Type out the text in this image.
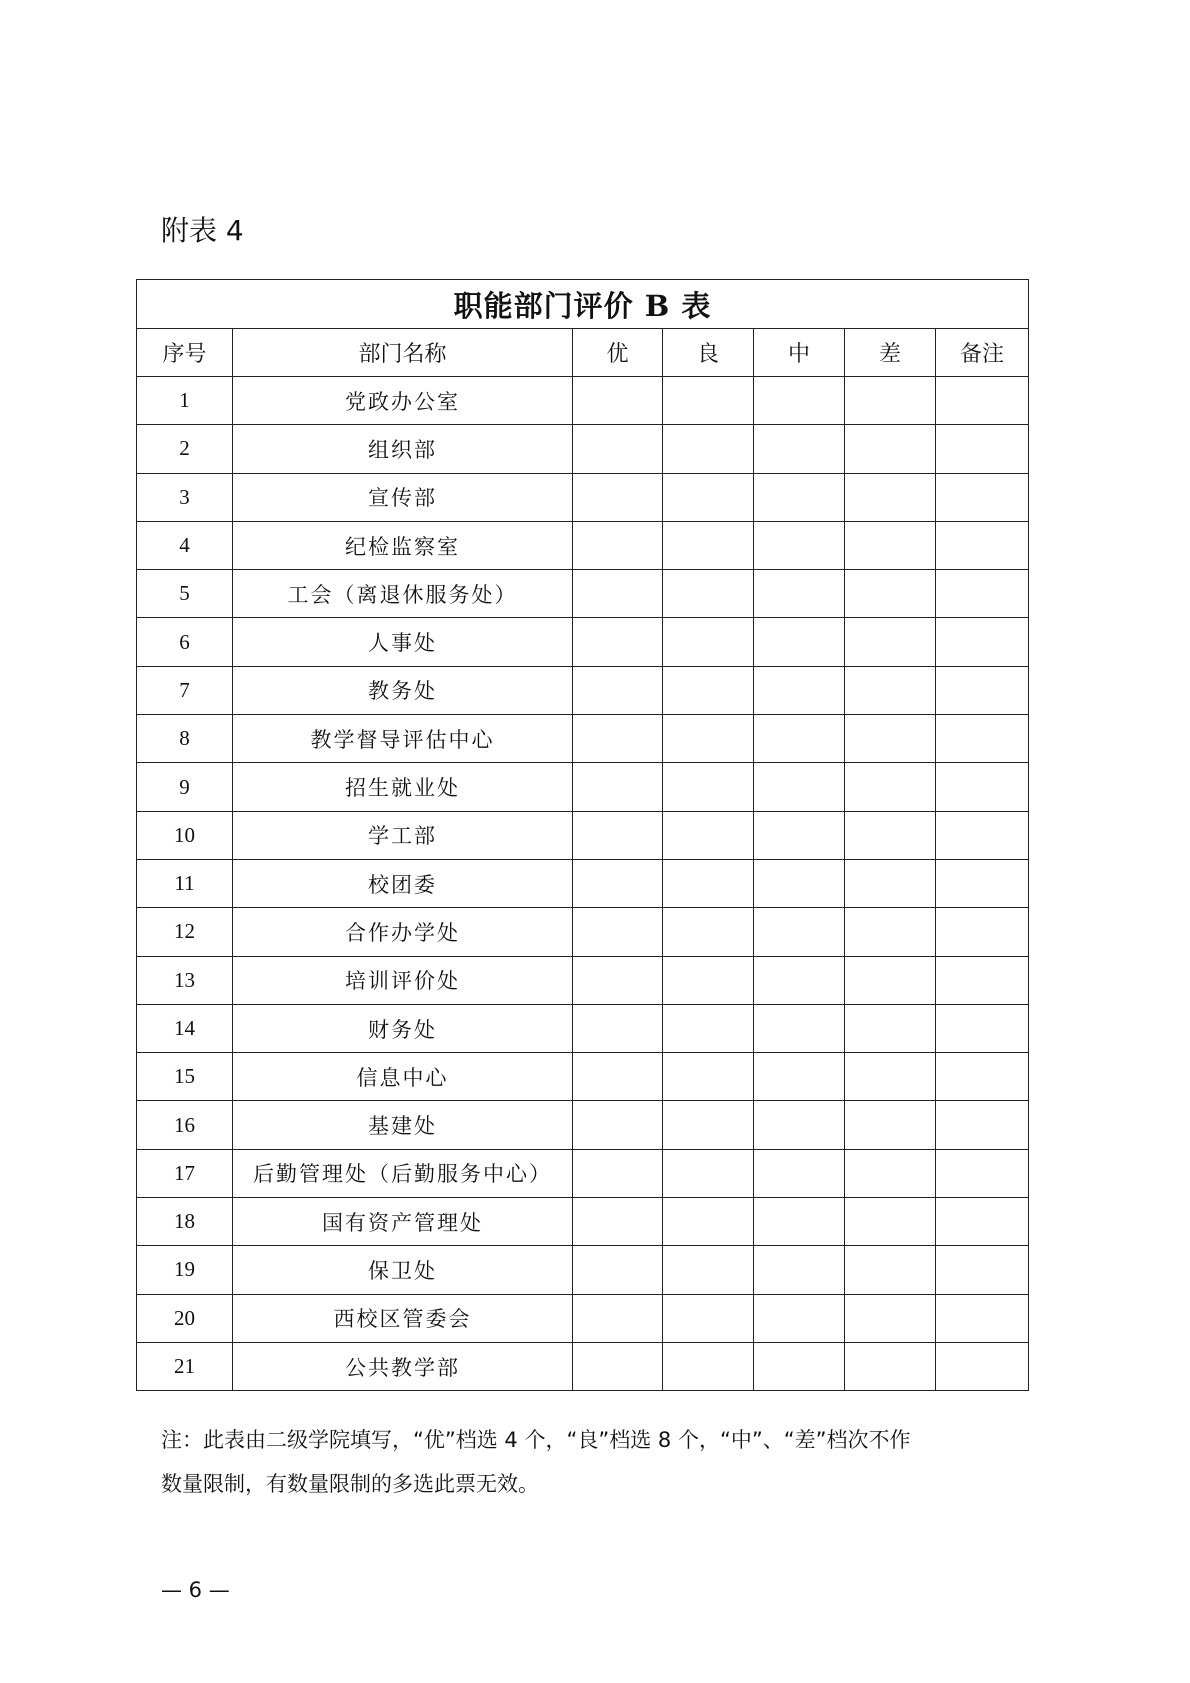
附表 4
职能部门评价 B 表						
序号	部门名称	优	良	中	差	备注
1	党政办公室					
2	组织部					
3	宣传部					
4	纪检监察室					
5	工会（离退休服务处）					
6	人事处					
7	教务处					
8	教学督导评估中心					
9	招生就业处					
10	学工部					
11	校团委					
12	合作办学处					
13	培训评价处					
14	财务处					
15	信息中心					
16	基建处					
17	后勤管理处（后勤服务中心）					
18	国有资产管理处					
19	保卫处					
20	西校区管委会					
21	公共教学部					
注：此表由二级学院填写，“优”档选 4 个，“良”档选 8 个，“中”、“差”档次不作
数量限制，有数量限制的多选此票无效。
— 6 —
